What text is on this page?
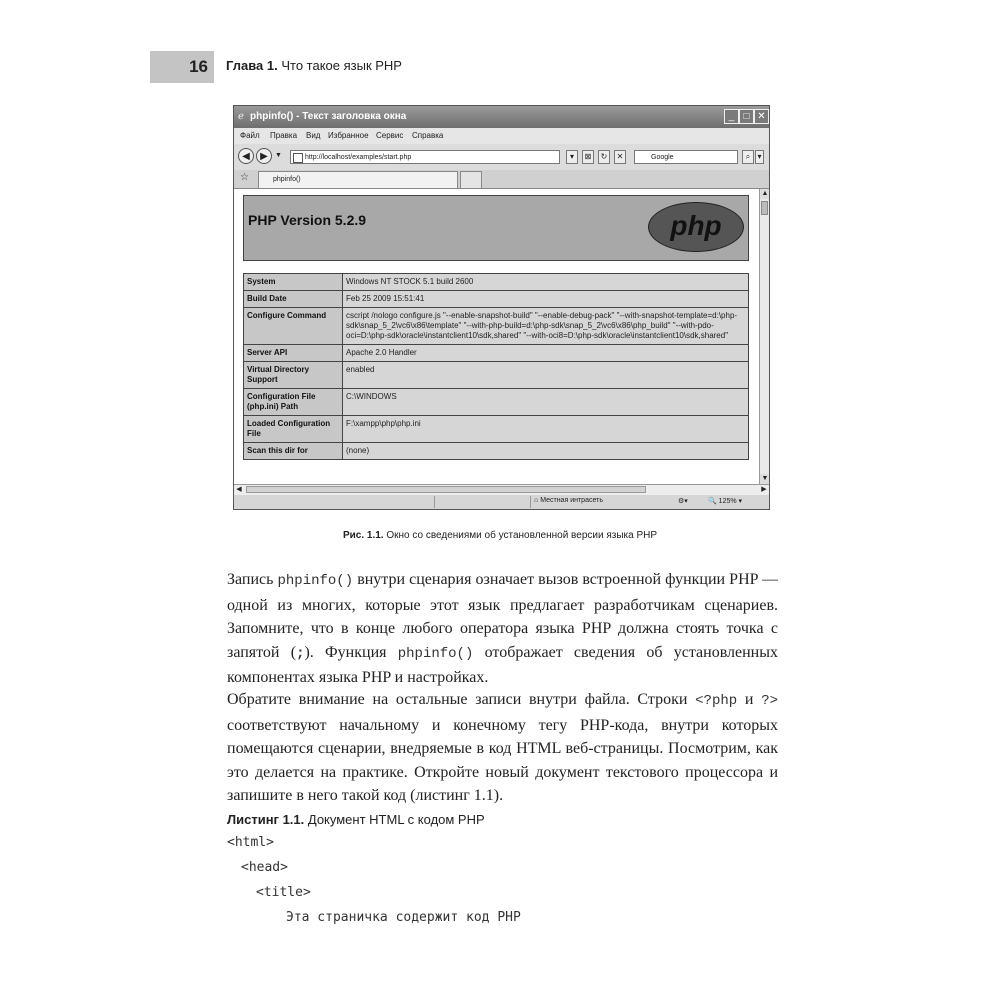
16 Глава 1. Что такое язык PHP
ℯ phpinfo() - Текст заголовка окна	_ □ ✕
Файл Правка Вид Избранное Сервис Справка
◀	▶	▼	http://localhost/examples/start.php	▾	⊠	↻	✕	Google	⌕ ▾
☆	phpinfo()
PHP Version 5.2.9	php
System	Windows NT STOCK 5.1 build 2600
Build Date	Feb 25 2009 15:51:41
Configure Command	cscript /nologo configure.js "--enable-snapshot-build" "--enable-debug-pack" "--with-snapshot-template=d:\php-sdk\snap_5_2\vc6\x86\template" "--with-php-build=d:\php-sdk\snap_5_2\vc6\x86\php_build" "--with-pdo-oci=D:\php-sdk\oracle\instantclient10\sdk,shared" "--with-oci8=D:\php-sdk\oracle\instantclient10\sdk,shared"
Server API	Apache 2.0 Handler
Virtual Directory Support	enabled
Configuration File (php.ini) Path	C:\WINDOWS
Loaded Configuration File	F:\xampp\php\php.ini
Scan this dir for	(none)
▲
▼
◀	▶
⌂ Местная интрасеть	⚙▾	🔍 125% ▾
Рис. 1.1. Окно со сведениями об установленной версии языка PHP
Запись phpinfo() внутри сценария означает вызов встроенной функции PHP — одной из многих, которые этот язык предлагает разработчикам сценариев. Запомните, что в конце любого оператора языка PHP должна стоять точка с запятой (;). Функция phpinfo() отображает сведения об установленных компонентах языка PHP и настройках.
Обратите внимание на остальные записи внутри файла. Строки <?php и ?> соответствуют начальному и конечному тегу PHP-кода, внутри которых помещаются сценарии, внедряемые в код HTML веб-страницы. Посмотрим, как это делается на практике. Откройте новый документ текстового процессора и запишите в него такой код (листинг 1.1).
Листинг 1.1. Документ HTML с кодом PHP
<html>
<head>
<title>
Эта страничка содержит код PHP
